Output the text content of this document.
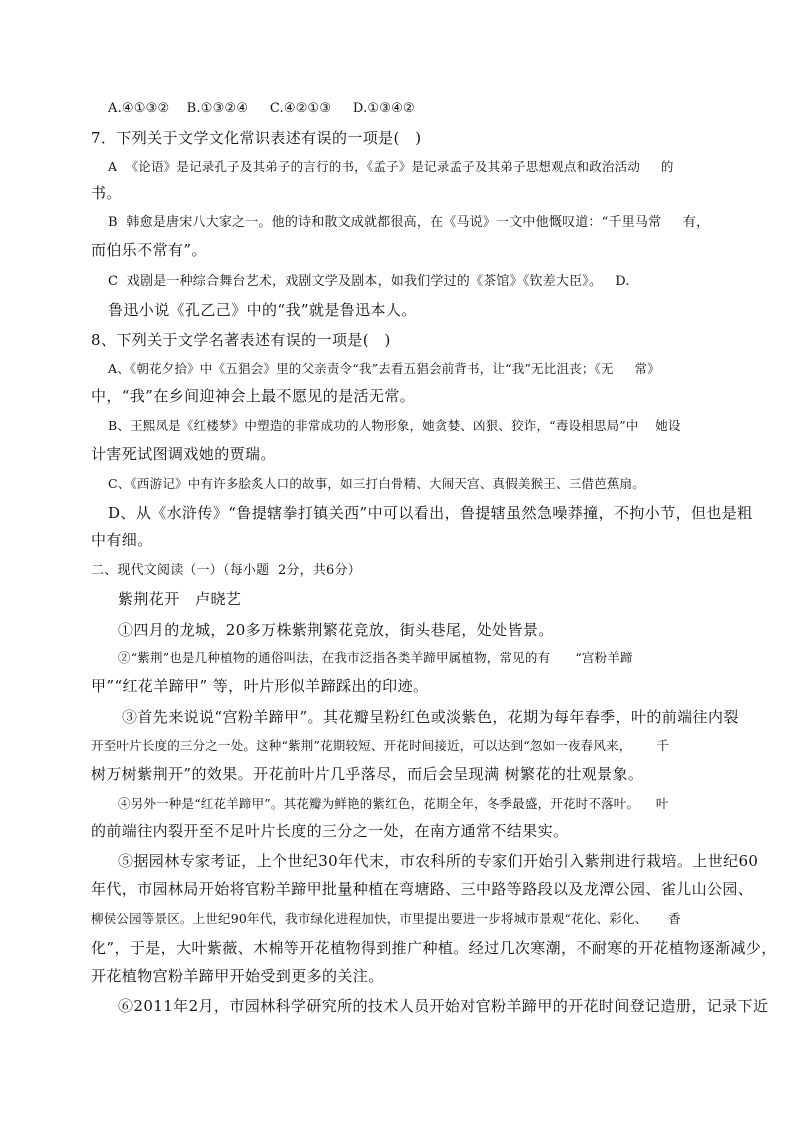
A.④①③②    B.①③②④     C.④②①③     D.①③④②

7．下列关于文学文化常识表述有误的一项是(   )

A  《论语》是记录孔子及其弟子的言行的书，《孟子》是记录孟子及其弟子思想观点和政治活动     的

书。

B  韩愈是唐宋八大家之一。他的诗和散文成就都很高，在《马说》一文中他慨叹道：“千里马常     有，

而伯乐不常有”。

C  戏剧是一种综合舞台艺术，戏剧文学及剧本，如我们学过的《茶馆》《钦差大臣》。   D.

鲁迅小说《孔乙己》中的“我”就是鲁迅本人。

8、下列关于文学名著表述有误的一项是(   )

A、《朝花夕拾》中《五猖会》里的父亲责令“我”去看五猖会前背书，让“我”无比沮丧；《无     常》

中，“我”在乡间迎神会上最不愿见的是活无常。

B、王熙凤是《红楼梦》中塑造的非常成功的人物形象，她贪婪、凶狠、狡诈，“毒设相思局”中    她设

计害死试图调戏她的贾瑞。

C、《西游记》中有许多脍炙人口的故事，如三打白骨精、大闹天宫、真假美猴王、三借芭蕉扇。

D、从《水浒传》“鲁提辖拳打镇关西”中可以看出，鲁提辖虽然急噪莽撞，不拘小节，但也是粗

中有细。

二、现代文阅读（一）（每小题  2分，共6分）

紫荆花开   卢晓艺

①四月的龙城，20多万株紫荆繁花竞放，街头巷尾，处处皆景。

②“紫荆”也是几种植物的通俗叫法，在我市泛指各类羊蹄甲属植物，常见的有      “宫粉羊蹄

甲”“红花羊蹄甲” 等，叶片形似羊蹄踩出的印迹。

③首先来说说“宫粉羊蹄甲”。其花瓣呈粉红色或淡紫色，花期为每年春季，叶的前端往内裂

开至叶片长度的三分之一处。这种“紫荆”花期较短、开花时间接近，可以达到“忽如一夜春风来，      千

树万树紫荆开”的效果。开花前叶片几乎落尽，而后会呈现满 树繁花的壮观景象。

④另外一种是“红花羊蹄甲”。其花瓣为鲜艳的紫红色，花期全年，冬季最盛，开花时不落叶。    叶

的前端往内裂开至不足叶片长度的三分之一处，在南方通常不结果实。

⑤据园林专家考证，上个世纪30年代末，市农科所的专家们开始引入紫荆进行栽培。上世纪60

年代，市园林局开始将官粉羊蹄甲批量种植在弯塘路、三中路等路段以及龙潭公园、雀儿山公园、

柳侯公园等景区。上世纪90年代，我市绿化进程加快，市里提出要进一步将城市景观“花化、彩化、     香

化”，于是，大叶紫薇、木棉等开花植物得到推广种植。经过几次寒潮，不耐寒的开花植物逐渐减少，

开花植物宫粉羊蹄甲开始受到更多的关注。

⑥2011年2月，市园林科学研究所的技术人员开始对官粉羊蹄甲的开花时间登记造册，记录下近
